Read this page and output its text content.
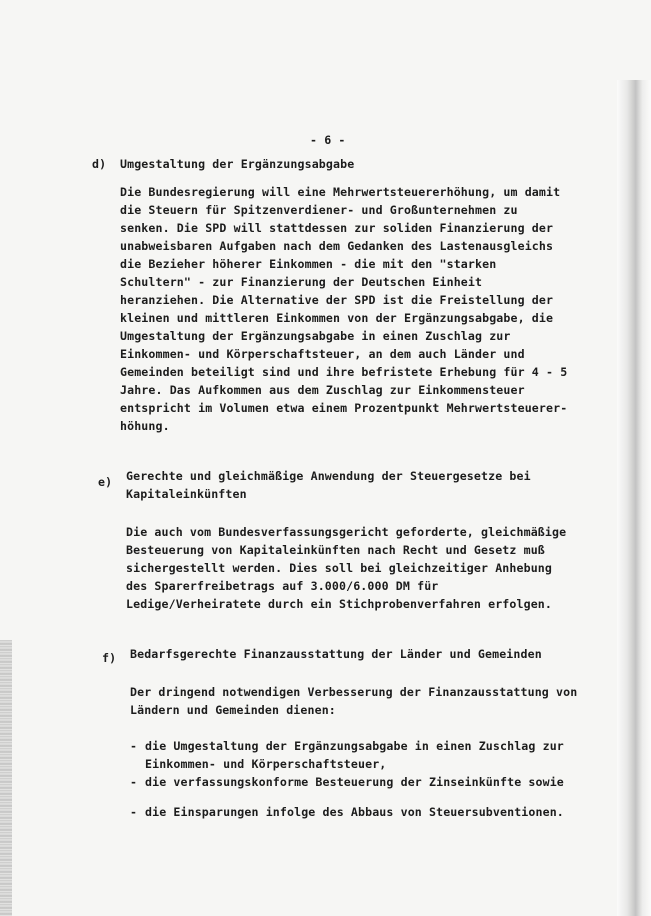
- 6 -
d) Umgestaltung der Ergänzungsabgabe
Die Bundesregierung will eine Mehrwertsteuererhöhung, um damit
die Steuern für Spitzenverdiener- und Großunternehmen zu
senken. Die SPD will stattdessen zur soliden Finanzierung der
unabweisbaren Aufgaben nach dem Gedanken des Lastenausgleichs
die Bezieher höherer Einkommen - die mit den "starken
Schultern" - zur Finanzierung der Deutschen Einheit
heranziehen. Die Alternative der SPD ist die Freistellung der
kleinen und mittleren Einkommen von der Ergänzungsabgabe, die
Umgestaltung der Ergänzungsabgabe in einen Zuschlag zur
Einkommen- und Körperschaftsteuer, an dem auch Länder und
Gemeinden beteiligt sind und ihre befristete Erhebung für 4 - 5
Jahre. Das Aufkommen aus dem Zuschlag zur Einkommensteuer
entspricht im Volumen etwa einem Prozentpunkt Mehrwertsteuerer-
höhung.
e) Gerechte und gleichmäßige Anwendung der Steuergesetze bei
Kapitaleinkünften
Die auch vom Bundesverfassungsgericht geforderte, gleichmäßige
Besteuerung von Kapitaleinkünften nach Recht und Gesetz muß
sichergestellt werden. Dies soll bei gleichzeitiger Anhebung
des Sparerfreibetrags auf 3.000/6.000 DM für
Ledige/Verheiratete durch ein Stichprobenverfahren erfolgen.
f) Bedarfsgerechte Finanzausstattung der Länder und Gemeinden
Der dringend notwendigen Verbesserung der Finanzausstattung von
Ländern und Gemeinden dienen:
- die Umgestaltung der Ergänzungsabgabe in einen Zuschlag zur
Einkommen- und Körperschaftsteuer,
- die verfassungskonforme Besteuerung der Zinseinkünfte sowie
- die Einsparungen infolge des Abbaus von Steuersubventionen.
